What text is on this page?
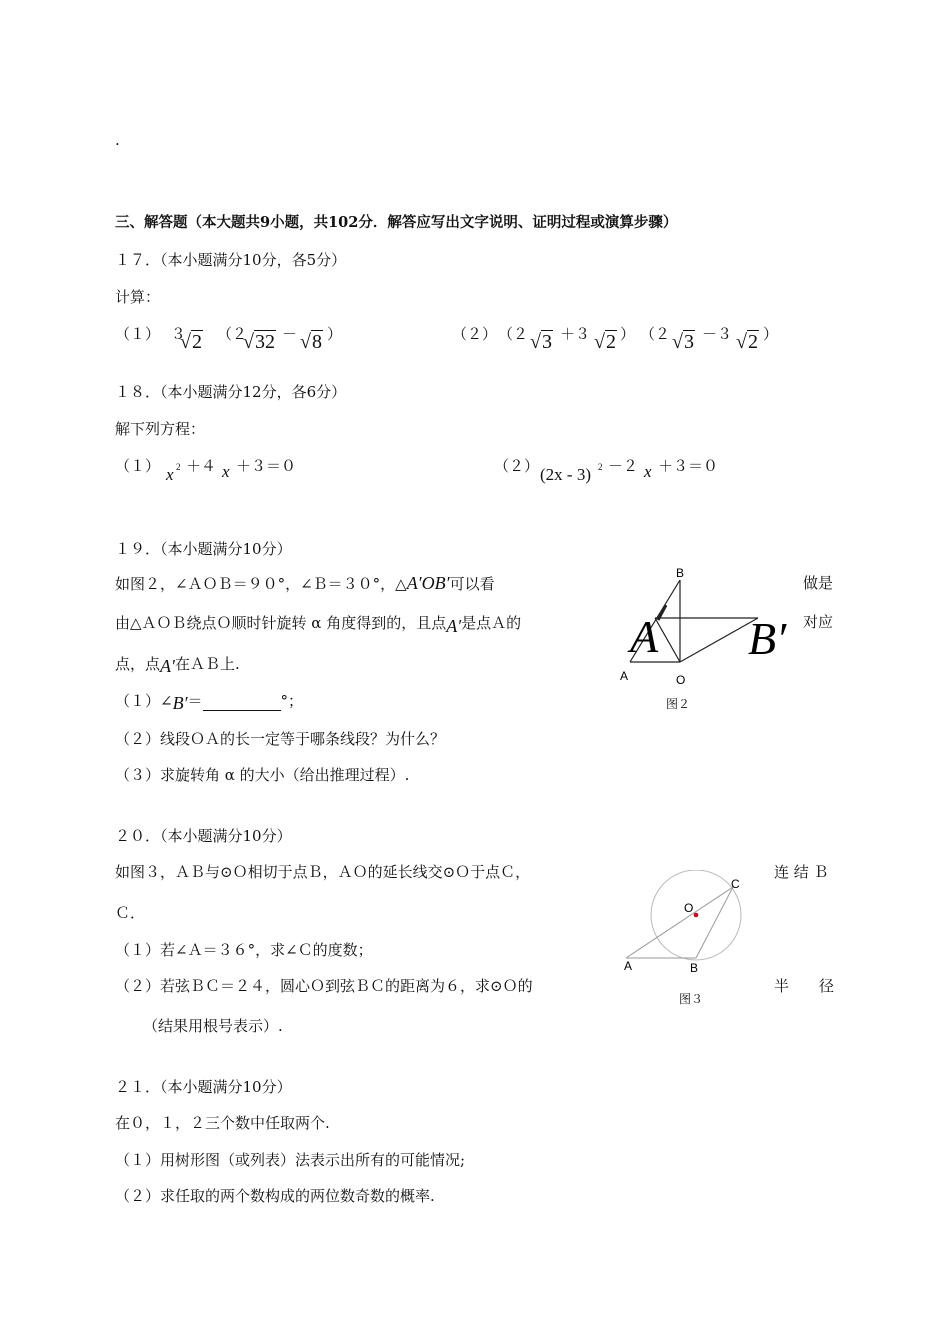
.
三、解答题（本大题共9小题，共102分．解答应写出文字说明、证明过程或演算步骤）
１７．（本小题满分10分，各5分）
计算：
（１） ３
√2 （２
√32 － √8 ）	（２） （２ √3 ＋３ √2 ） （２ √3 －３ √2 ）
１８．（本小题满分12分，各6分）
解下列方程：
（１） x 2 ＋４ x ＋３＝０	（２） (2x - 3) 2 －２ x ＋３＝０
１９．（本小题满分10分）
如图２，∠ＡＯＢ＝９０°，∠Ｂ＝３０°，△A′OB′可以看	做是
由△ＡＯＢ绕点Ｏ顺时针旋转 α 角度得到的，且点A′是点Ａ的	对应
点，点A′在ＡＢ上.
（１）∠B′＝	°；
（２）线段ＯＡ的长一定等于哪条线段？为什么？
（３）求旋转角 α 的大小（给出推理过程）.
B
A	O
A B′
图２
２０．（本小题满分10分）
如图３，ＡＢ与⊙Ｏ相切于点Ｂ，ＡＯ的延长线交⊙Ｏ于点Ｃ，	连 结 Ｂ
Ｃ．
（１）若∠Ａ＝３６°，求∠Ｃ的度数；
（２）若弦ＢＣ＝２４，圆心Ｏ到弦ＢＣ的距离为６，求⊙Ｏ的	半　　径
（结果用根号表示）.
C
O
A	B
图３
２１．（本小题满分10分）
在０，１，２三个数中任取两个.
（１）用树形图（或列表）法表示出所有的可能情况;
（２）求任取的两个数构成的两位数奇数的概率.
